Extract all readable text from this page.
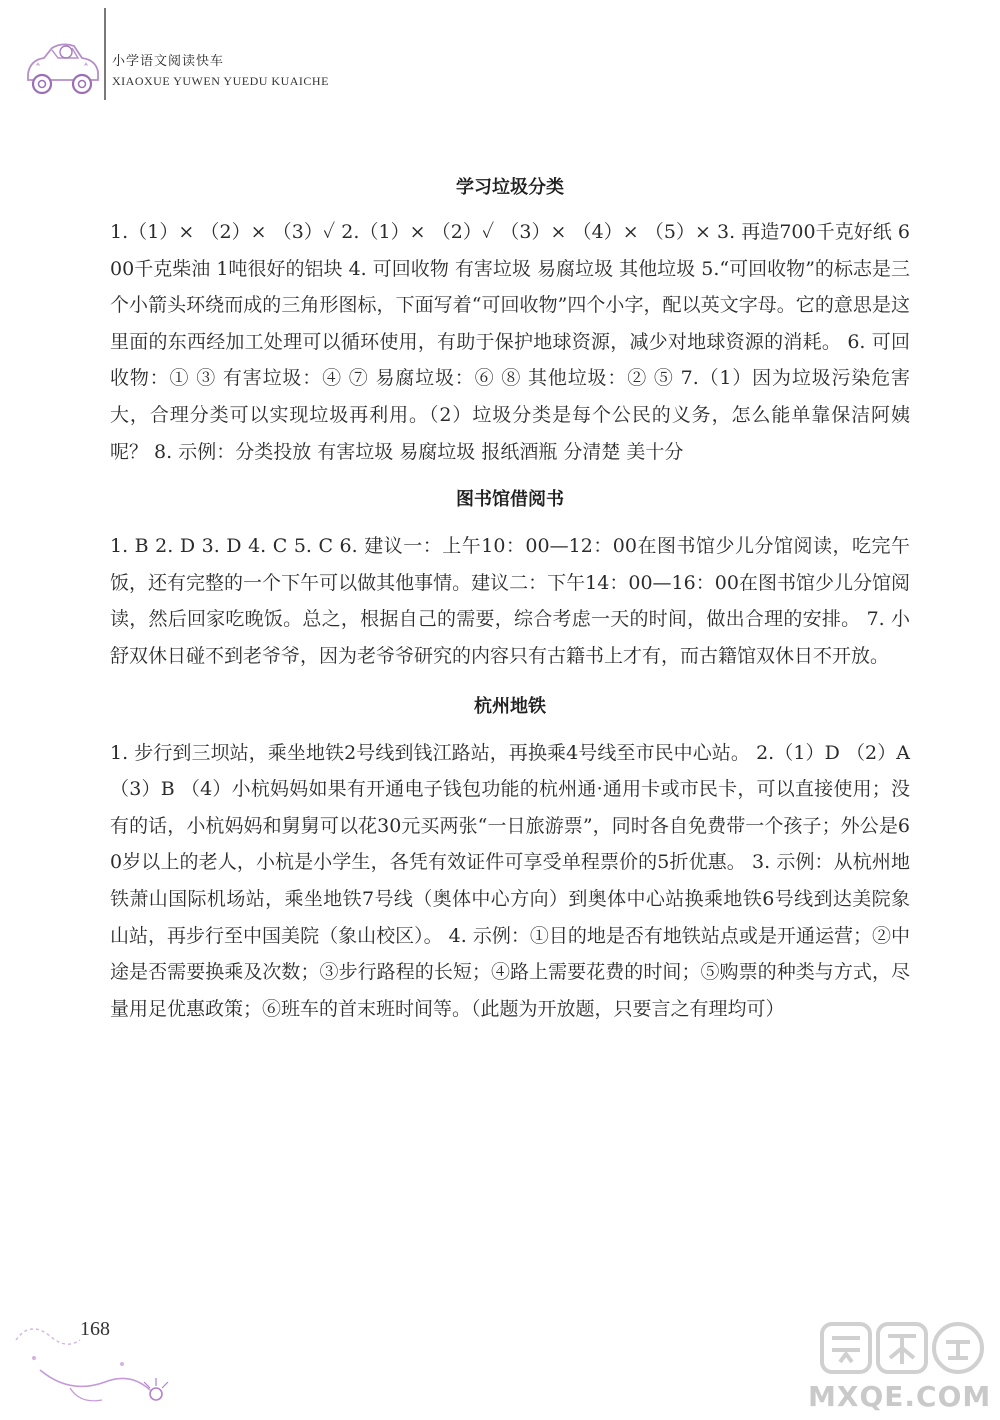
小学语文阅读快车
XIAOXUE YUWEN YUEDU KUAICHE
学习垃圾分类

1.（1）× （2）× （3）✓ 2.（1）× （2）✓ （3）× （4）× （5）× 3. 再造700千克好纸 600千克柴油 1吨很好的铝块 4. 可回收物 有害垃圾 易腐垃圾 其他垃圾 5.“可回收物”的标志是三个小箭头环绕而成的三角形图标，下面写着“可回收物”四个小字，配以英文字母。它的意思是这里面的东西经加工处理可以循环使用，有助于保护地球资源，减少对地球资源的消耗。 6. 可回收物：① ③ 有害垃圾：④ ⑦ 易腐垃圾：⑥ ⑧ 其他垃圾：② ⑤ 7.（1）因为垃圾污染危害大，合理分类可以实现垃圾再利用。（2）垃圾分类是每个公民的义务，怎么能单靠保洁阿姨呢？ 8. 示例：分类投放 有害垃圾 易腐垃圾 报纸酒瓶 分清楚 美十分

图书馆借阅书

1. B 2. D 3. D 4. C 5. C 6. 建议一：上午10：00—12：00在图书馆少儿分馆阅读，吃完午饭，还有完整的一个下午可以做其他事情。建议二：下午14：00—16：00在图书馆少儿分馆阅读，然后回家吃晚饭。总之，根据自己的需要，综合考虑一天的时间，做出合理的安排。 7. 小舒双休日碰不到老爷爷，因为老爷爷研究的内容只有古籍书上才有，而古籍馆双休日不开放。

杭州地铁

1. 步行到三坝站，乘坐地铁2号线到钱江路站，再换乘4号线至市民中心站。 2.（1）D （2）A （3）B （4）小杭妈妈如果有开通电子钱包功能的杭州通·通用卡或市民卡，可以直接使用；没有的话，小杭妈妈和舅舅可以花30元买两张“一日旅游票”，同时各自免费带一个孩子；外公是60岁以上的老人，小杭是小学生，各凭有效证件可享受单程票价的5折优惠。 3. 示例：从杭州地铁萧山国际机场站，乘坐地铁7号线（奥体中心方向）到奥体中心站换乘地铁6号线到达美院象山站，再步行至中国美院（象山校区）。 4. 示例：①目的地是否有地铁站点或是开通运营；②中途是否需要换乘及次数；③步行路程的长短；④路上需要花费的时间；⑤购票的种类与方式，尽量用足优惠政策；⑥班车的首末班时间等。（此题为开放题，只要言之有理均可）

168
MXQE.COM
